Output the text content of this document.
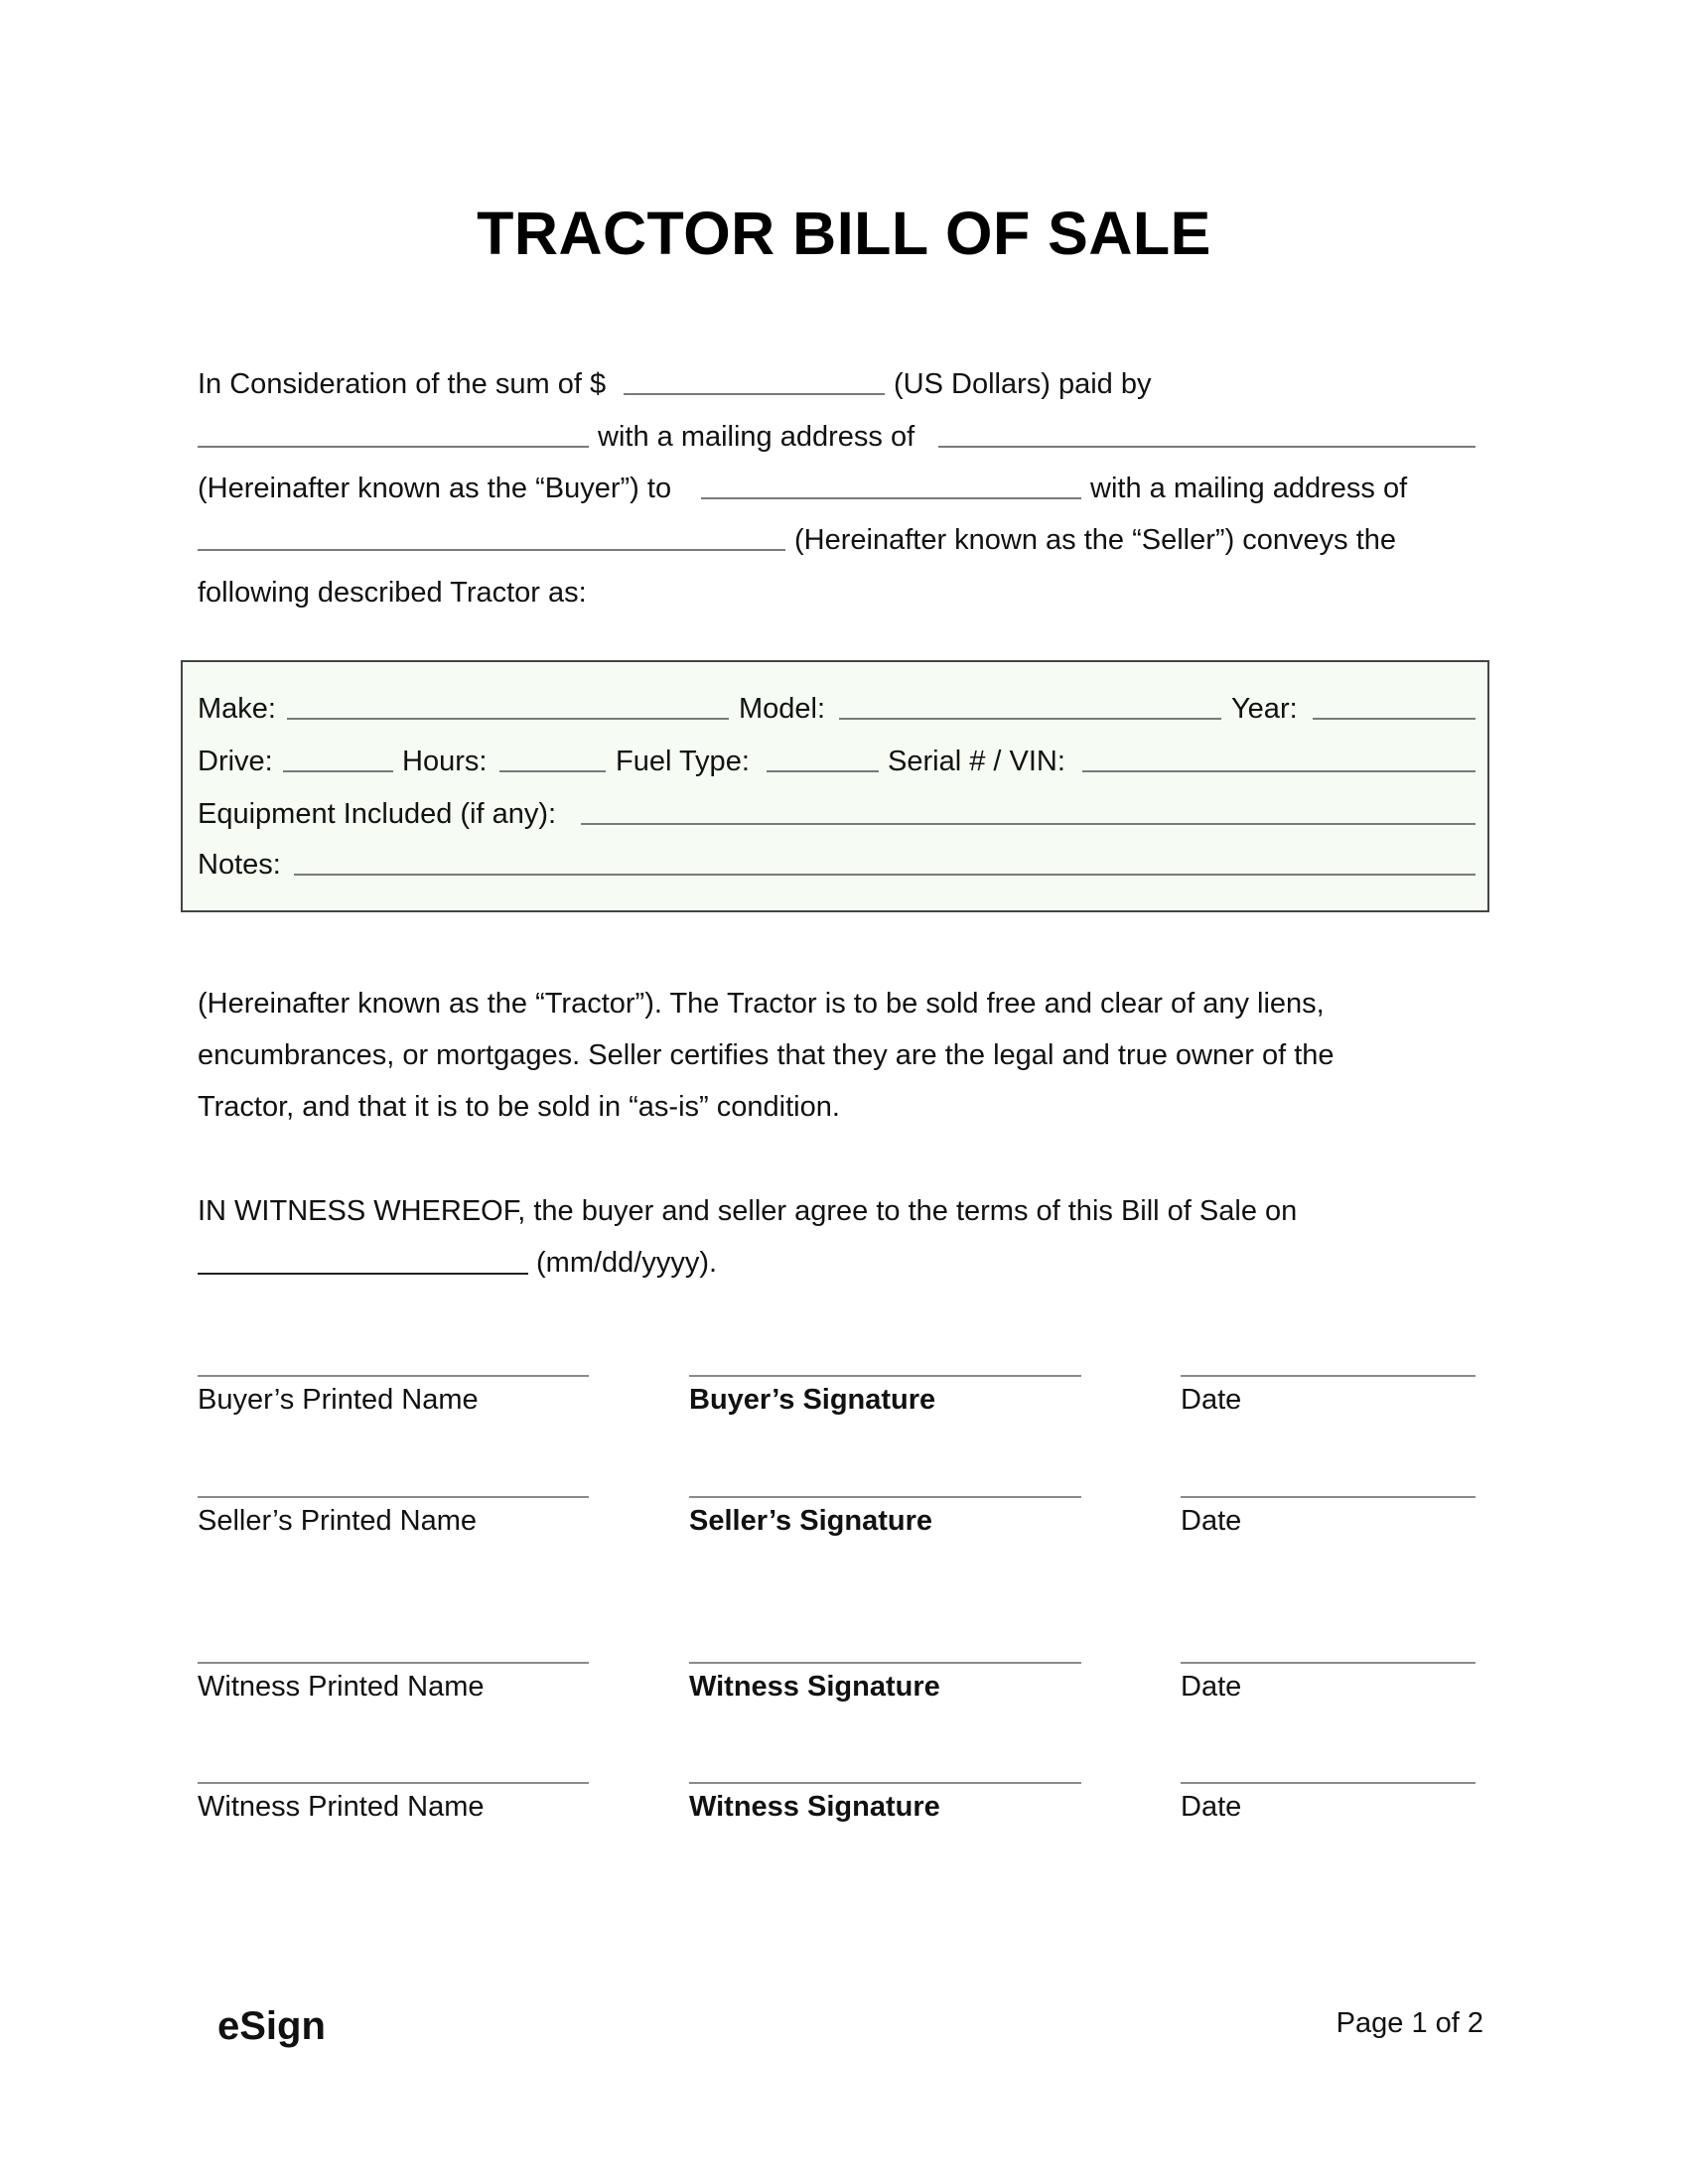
TRACTOR BILL OF SALE
In Consideration of the sum of $	(US Dollars) paid by
with a mailing address of
(Hereinafter known as the “Buyer”) to	with a mailing address of
(Hereinafter known as the “Seller”) conveys the
following described Tractor as:
Make:	Model:	Year:
Drive:	Hours:	Fuel Type:	Serial # / VIN:
Equipment Included (if any):
Notes:
(Hereinafter known as the “Tractor”). The Tractor is to be sold free and clear of any liens,
encumbrances, or mortgages. Seller certifies that they are the legal and true owner of the
Tractor, and that it is to be sold in “as-is” condition.
IN WITNESS WHEREOF, the buyer and seller agree to the terms of this Bill of Sale on
(mm/dd/yyyy).
Buyer’s Printed Name	Buyer’s Signature	Date
Seller’s Printed Name	Seller’s Signature	Date
Witness Printed Name	Witness Signature	Date
Witness Printed Name	Witness Signature	Date
eSign	Page 1 of 2
